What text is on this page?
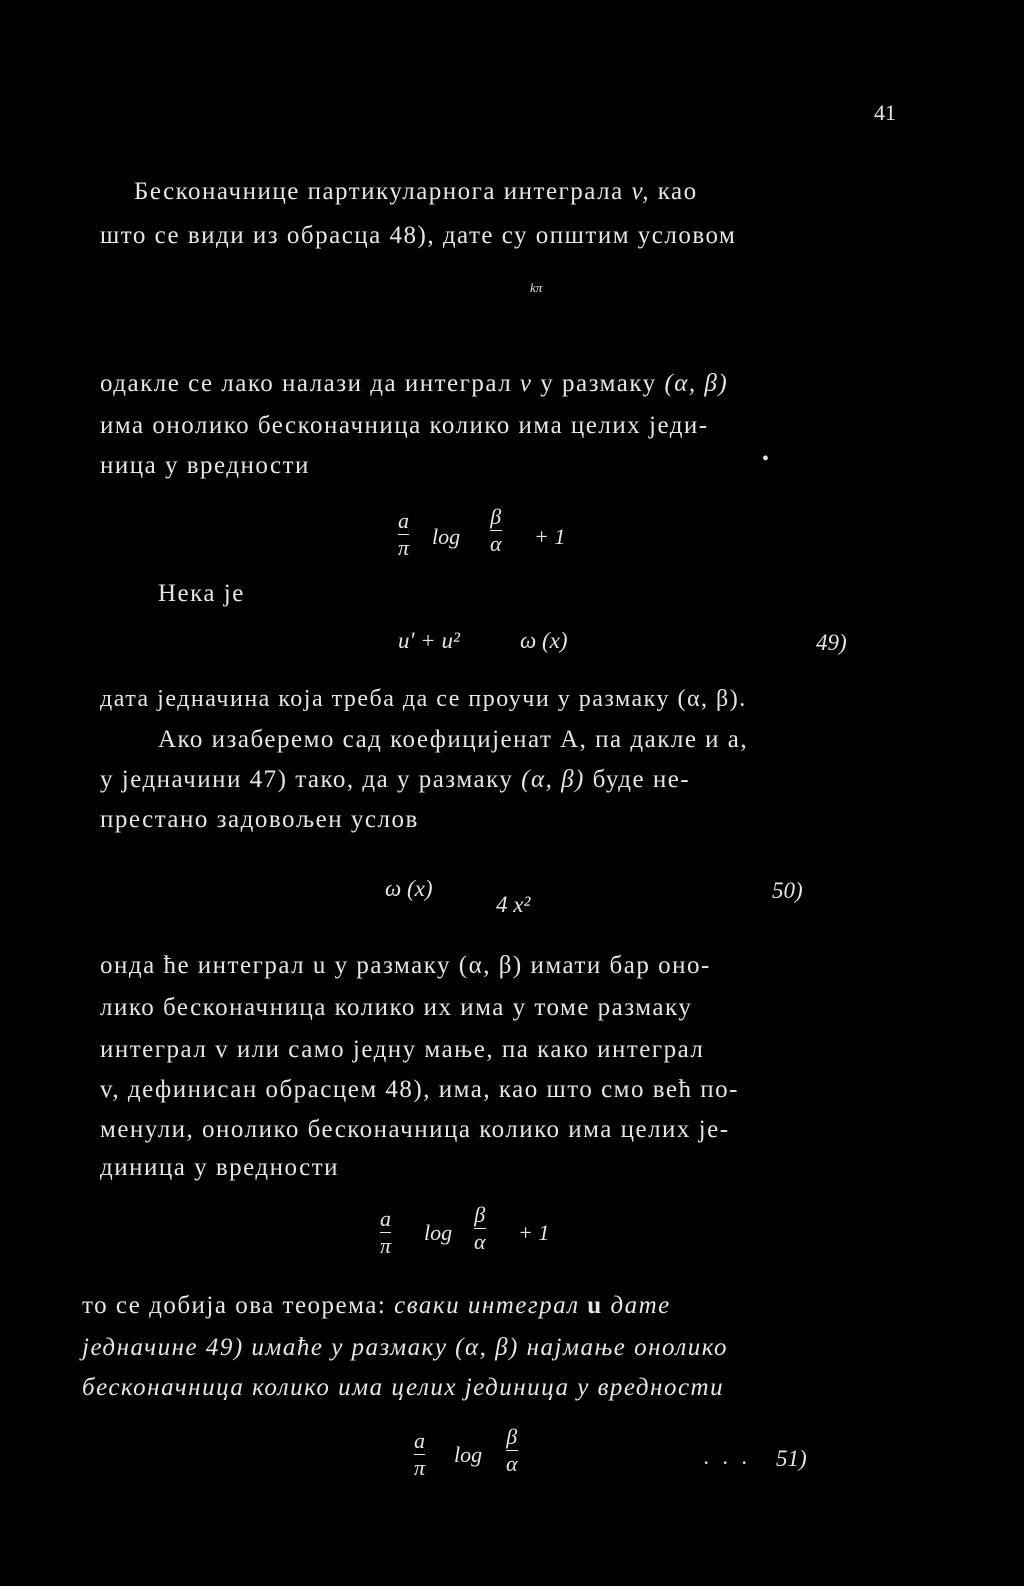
41
Бесконачнице партикуларнога интеграла v, као
што се види из обрасца 48), дате су општим условом
kπ
одакле се лако налази да интеграл v у размаку (α, β)
има онолико бесконачница колико има целих једи-
ница у вредности	•
a
π log
β
α + 1
Нека је
u' + u²	ω (x)	49)
дата једначина која треба да се проучи у размаку (α, β).
Ако изаберемо сад коефицијенат A, па дакле и a,
у једначини 47) тако, да у размаку (α, β) буде не-
престано задовољен услов
ω (x)
4 x²
50)
онда ће интеграл u у размаку (α, β) имати бар оно-
лико бесконачница колико их има у томе размаку
интеграл v или само једну мање, па како интеграл
v, дефинисан обрасцем 48), има, као што смо већ по-
менули, онолико бесконачница колико има целих је-
диница у вредности
a
π
log
β
α + 1
то се добија ова теорема: сваки интеграл u дате
једначине 49) имаће у размаку (α, β) најмање онолико
бесконачница колико има целих јединица у вредности
a
π
log
β
α	. . . 51)
